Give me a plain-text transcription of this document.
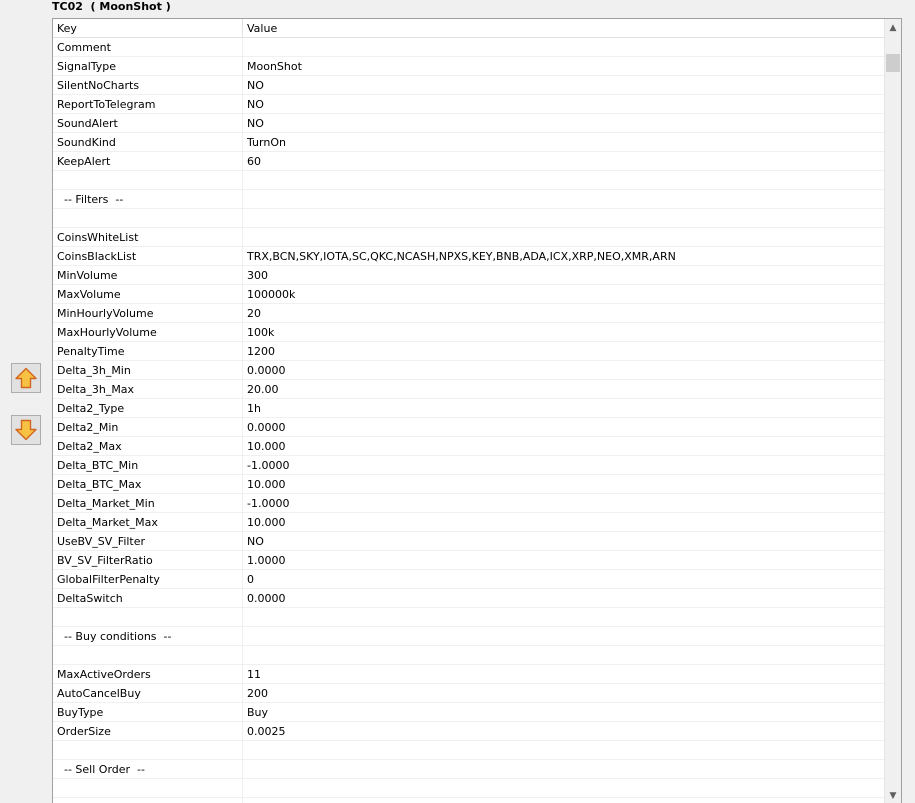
TC02  ( MoonShot )
Key	Value
Comment
SignalType	MoonShot
SilentNoCharts	NO
ReportToTelegram	NO
SoundAlert	NO
SoundKind	TurnOn
KeepAlert	60
-- Filters  --
CoinsWhiteList
CoinsBlackList	TRX,BCN,SKY,IOTA,SC,QKC,NCASH,NPXS,KEY,BNB,ADA,ICX,XRP,NEO,XMR,ARN
MinVolume	300
MaxVolume	100000k
MinHourlyVolume	20
MaxHourlyVolume	100k
PenaltyTime	1200
Delta_3h_Min	0.0000
Delta_3h_Max	20.00
Delta2_Type	1h
Delta2_Min	0.0000
Delta2_Max	10.000
Delta_BTC_Min	-1.0000
Delta_BTC_Max	10.000
Delta_Market_Min	-1.0000
Delta_Market_Max	10.000
UseBV_SV_Filter	NO
BV_SV_FilterRatio	1.0000
GlobalFilterPenalty	0
DeltaSwitch	0.0000
-- Buy conditions  --
MaxActiveOrders	11
AutoCancelBuy	200
BuyType	Buy
OrderSize	0.0025
-- Sell Order  --
▲
▼
